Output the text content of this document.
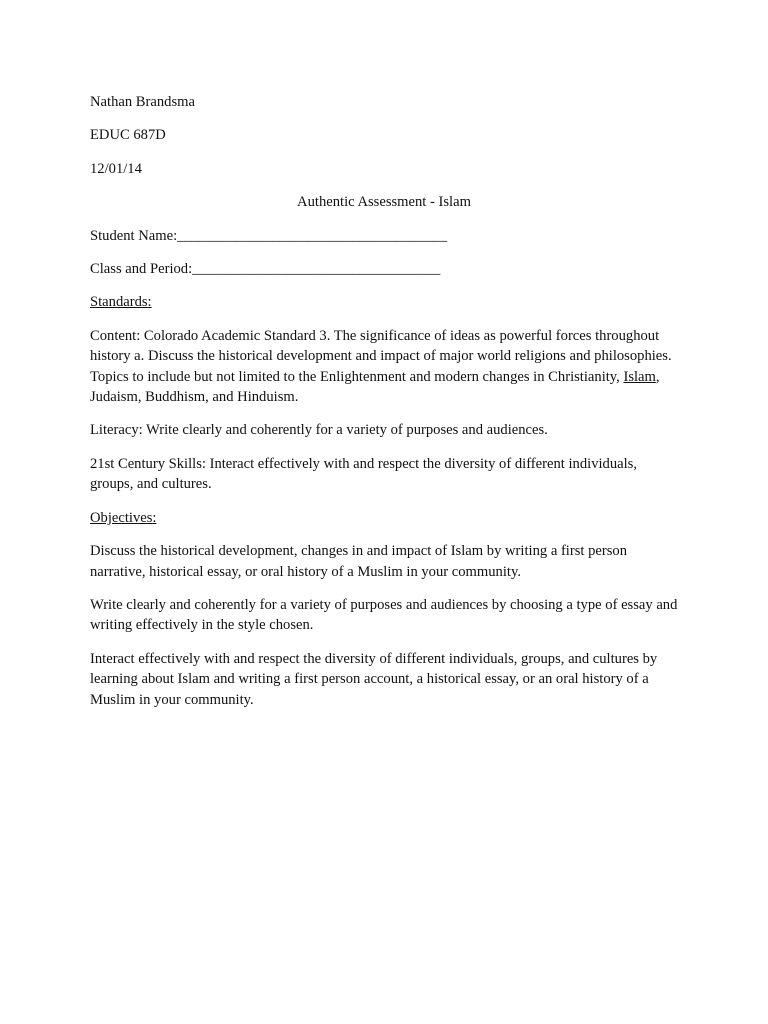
Nathan Brandsma

EDUC 687D

12/01/14

Authentic Assessment - Islam

Student Name:_____________________________________

Class and Period:__________________________________

Standards:

Content: Colorado Academic Standard 3. The significance of ideas as powerful forces throughout history a. Discuss the historical development and impact of major world religions and philosophies. Topics to include but not limited to the Enlightenment and modern changes in Christianity, Islam, Judaism, Buddhism, and Hinduism.

Literacy: Write clearly and coherently for a variety of purposes and audiences.

21st Century Skills: Interact effectively with and respect the diversity of different individuals, groups, and cultures.

Objectives:

Discuss the historical development, changes in and impact of Islam by writing a first person narrative, historical essay, or oral history of a Muslim in your community.

Write clearly and coherently for a variety of purposes and audiences by choosing a type of essay and writing effectively in the style chosen.

Interact effectively with and respect the diversity of different individuals, groups, and cultures by learning about Islam and writing a first person account, a historical essay, or an oral history of a Muslim in your community.
